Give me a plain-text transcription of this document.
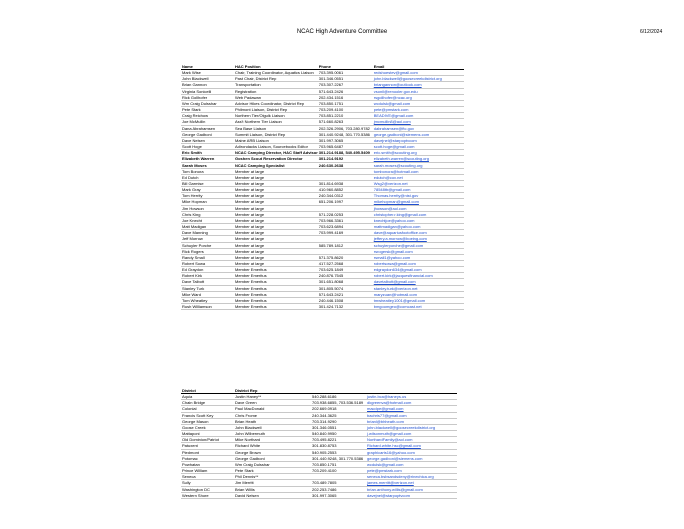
NCAC High Adventure Committee	6/12/2024
Name	HAC Position	Phone	Email
Mark Wise	Chair, Training Coordinator, Aquatics Liaison	703.395.0061	redshoestev@gmail.com
John Blackwell	Past Chair, District Rep	301.346.0551	john.blackwell@goosecreekdistrict.org
Brian Gannon	Transportation	703.307.2267	briangannon@outlook.com
Virginia Sonicelli	Registration	571.643.2426	vsonil@renooler.gov.edu
Rick Gollhofer	Web Padawan	202.434.1516	rsgollhofer@ncac.org
Wm Craig Dulsshar	Advisor Hikes Coordinator, District Rep	703.850.1751	wcdulsk@gmail.com
Pete Stark	Philmont Liaison, District Rep	703.209.4100	pete@pmstark.com
Craig Reichow	Northern Tier/Olgulk Liaison	703.851.2210	BEADIVE@gmail.com
Joe McMullin	Ass't Northern Tier Liaison	571.660.8263	jmcmullin8@aol.com
Dana Abrahamsen	Sea Base Liaison	202.326.2906, 703.280.9782	dabrahamsen@ftc.gov
George Gadboni	Summit Liaison, District Rep	301.440.9248, 301.770.5386	george.gadboni@siemens.com
Dave Nelsen	Maine ARB Liaison	301.997.3065	davejnel@starpoptvcom
Scott Hoge	Adirondacks Liaison, Sourcebooks Editor	703.965.6487	scott.hoge@gmail.com
Eric Smith	NCAC Camping Director, HAC Staff Advisor	301.214.9188, 540.495.5409	eric.smith@scouting.org
Elizabeth Warren	Goshen Scout Reservation Director	301.214.9192	elizabeth.warren@scouting.org
Sarah Moses	NCAC Camping Specialist	240.630.2638	sarah.moses@scouting.org
Tom Bonora	Member at large		tombonora@hotmail.com
Ed Dutch	Member at large		edutch@cox.net
Bill Garmise	Member at large	301.814.6938	Wsg2@verizon.net
Mark Gray	Member at large	410.960.8852	78548tb@gmail.com
Tom Herrity	Member at large	240.344.0312	Thomas.herrity@nist.gov
Mike Hopman	Member at large	651.206.1997	mikehopman@gmail.com
Jim Howson	Member at large		jhowson@aol.com
Chris King	Member at large	571.228.0253	christopher.r.king@gmail.com
Joe Knecht	Member at large	703.966.3361	knechtjoe@yahoo.com
Matt Madigan	Member at large	703.623.6894	mattmadigan@yahoo.com
Dave Manning	Member at large	703.999.4169	dave@aquariusfootoffice.com
Jeff Morrow	Member at large		jeffery.a.morrow@boeing.com
Schuyler Porche	Member at large	585.789.1812	schuylerporche@gmail.com
Rick Rogers	Member at large		rsrogersk@gmail.com
Randy Small	Member at large	571.375.8620	rsmall1@yahoo.com
Robert Sowa	Member at large	417.527.2568	robertsowa@gmail.com
Ed Graydon	Member Emeritus	703.625.1849	edgraydon634@gmail.com
Robert Kirk	Member Emeritus	240.876.7545	robert.kirk@jacquesfinancial.com
Dave Talbott	Member Emeritus	301.651.8068	davetalbott@gmail.com
Stanley Turk	Member Emeritus	301.805.5074	stanley.turk@verizon.net
Mike Ward	Member Emeritus	571.643.2421	maryzuan@hotmail.com
Tom Wheatley	Member Emeritus	240.446.1508	tmwheatley1001@gmail.com
Rush Williamson	Member Emeritus	301.424.7132	bmgoomgeo@comcast.net
District	District Rep		
Aquia	Justin Haney**	540.288.6186	justin.bca@haneys.us
Chain Bridge	Dave Green	703.938.6855, 703.536.5189	dkgreenva@hotmail.com
Colonial	Paul MacDonald	202.669.0918	macdpe@gmail.com
Francis Scott Key	Chris Frome	240.344.3625	bachris77@gmail.com
George Mason	Brian Heath	703.314.9290	brianl@bhheath.com
Goose Creek	John Blackwell	301.346.0551	john.blackwell@goosecreekdistrict.org
Mattaponi	John Wilbermuth	540.840.9950	j.wilsonmuth@gmail.com
Old Dominion/Patriot	Mike Northard	703.495.8221	NorthardFamily@aol.com
Patuxent	Richard White	301.830.8753	Richard.white.hsc@gmail.com
Piedmont	George Brown	540.905.2553	graphicarts16@yahoo.com
Potomac	George Gadboni	301.440.9248, 301.770.5386	george.gadboni@siemens.com
Powhatan	Wm Craig Dulsshar	703.850.1751	wcdulsk@gmail.com
Prince William	Pete Stark	703.209.4100	pete@pmstark.com
Seneca	Phil Dennis**		seneca.bsbsandsdeny@rinechica.org
Sully	Jim Merritt	703.489.7805	james.merritt@verizon.net
Washington DC	Brian Willis	202.253.7486	brian.anthony.willis@gmail.com
Western Shore	David Nelsen	301.997.3065	davejnel@starpoptvcom
